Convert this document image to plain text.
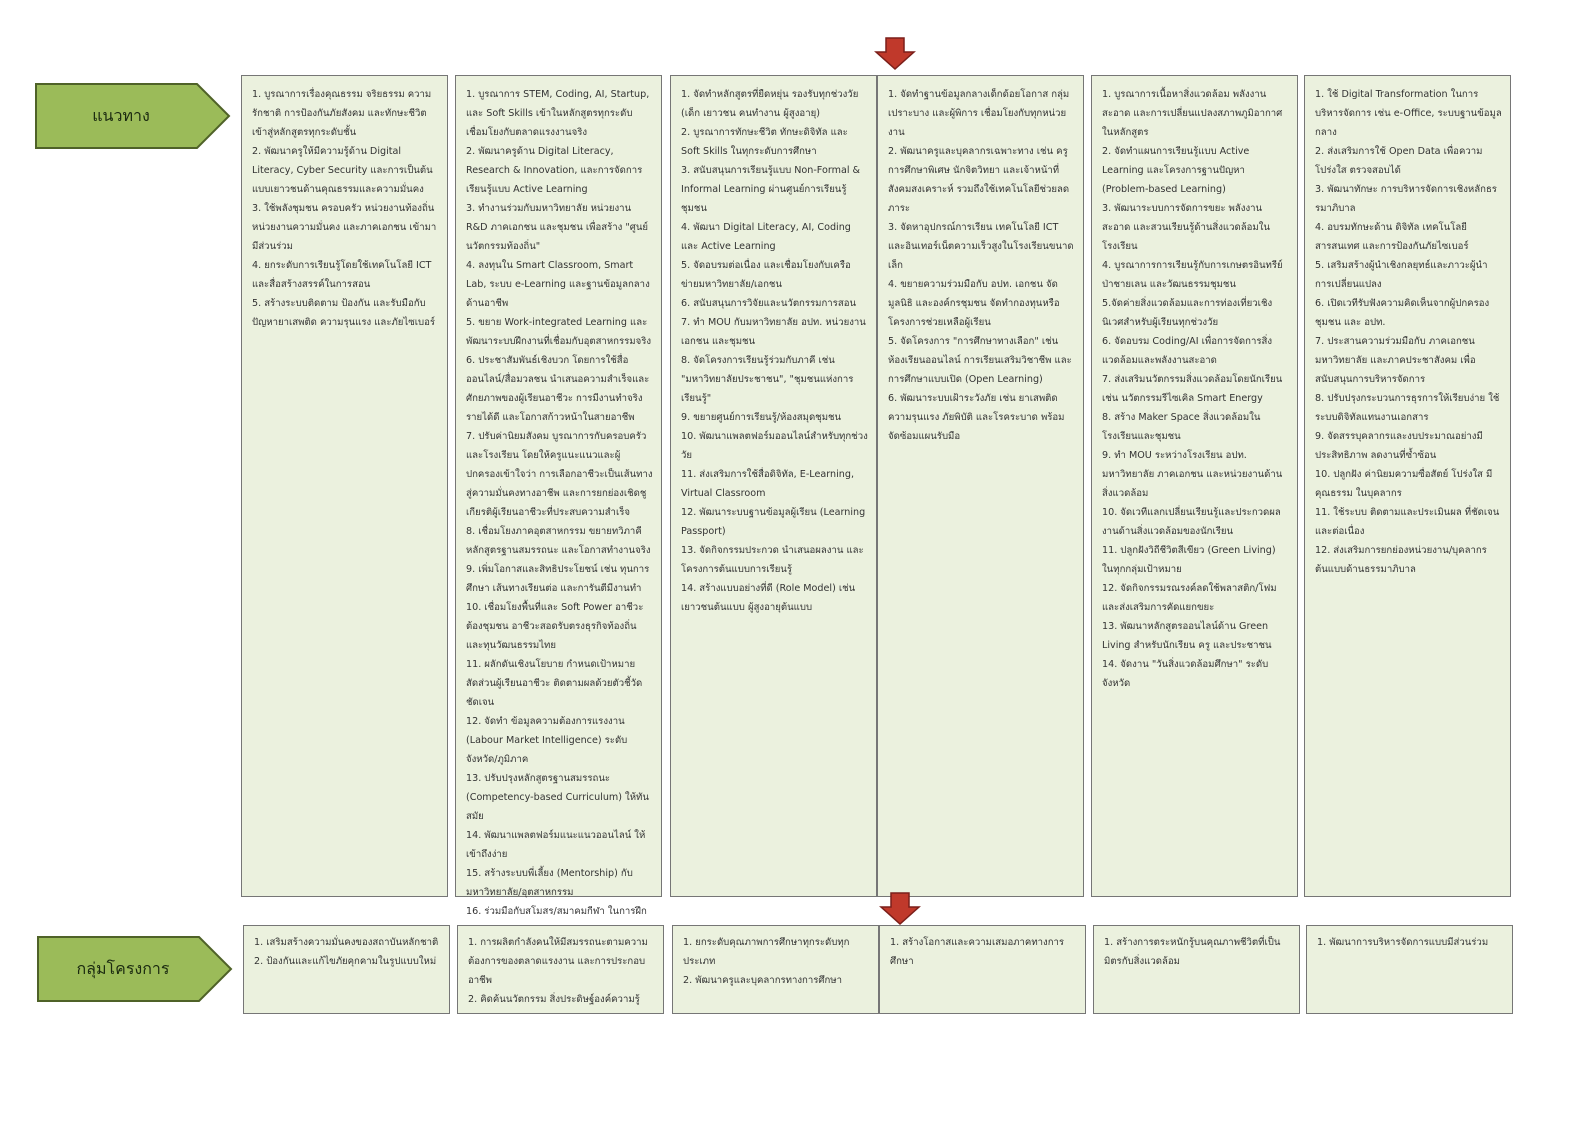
แนวทาง
กลุ่มโครงการ
1. บูรณาการเรื่องคุณธรรม จริยธรรม ความรักชาติ การป้องกันภัยสังคม และทักษะชีวิต เข้าสู่หลักสูตรทุกระดับชั้น
2. พัฒนาครูให้มีความรู้ด้าน Digital Literacy, Cyber Security และการเป็นต้นแบบเยาวชนด้านคุณธรรมและความมั่นคง
3. ใช้พลังชุมชน ครอบครัว หน่วยงานท้องถิ่น หน่วยงานความมั่นคง และภาคเอกชน เข้ามามีส่วนร่วม
4. ยกระดับการเรียนรู้โดยใช้เทคโนโลยี ICT และสื่อสร้างสรรค์ในการสอน
5. สร้างระบบติดตาม ป้องกัน และรับมือกับปัญหายาเสพติด ความรุนแรง และภัยไซเบอร์
1. บูรณาการ STEM, Coding, AI, Startup, และ Soft Skills เข้าในหลักสูตรทุกระดับ เชื่อมโยงกับตลาดแรงงานจริง
2. พัฒนาครูด้าน Digital Literacy, Research & Innovation, และการจัดการเรียนรู้แบบ Active Learning
3. ทำงานร่วมกับมหาวิทยาลัย หน่วยงาน R&D ภาคเอกชน และชุมชน เพื่อสร้าง "ศูนย์นวัตกรรมท้องถิ่น"
4. ลงทุนใน Smart Classroom, Smart Lab, ระบบ e-Learning และฐานข้อมูลกลางด้านอาชีพ
5. ขยาย Work-integrated Learning และพัฒนาระบบฝึกงานที่เชื่อมกับอุตสาหกรรมจริง
6. ประชาสัมพันธ์เชิงบวก โดยการใช้สื่อออนไลน์/สื่อมวลชน นำเสนอความสำเร็จและศักยภาพของผู้เรียนอาชีวะ การมีงานทำจริง รายได้ดี และโอกาสก้าวหน้าในสายอาชีพ
7. ปรับค่านิยมสังคม บูรณาการกับครอบครัวและโรงเรียน โดยให้ครูแนะแนวและผู้ปกครองเข้าใจว่า การเลือกอาชีวะเป็นเส้นทางสู่ความมั่นคงทางอาชีพ และการยกย่องเชิดชูเกียรติผู้เรียนอาชีวะที่ประสบความสำเร็จ
8. เชื่อมโยงภาคอุตสาหกรรม ขยายทวิภาคี หลักสูตรฐานสมรรถนะ และโอกาสทำงานจริง
9. เพิ่มโอกาสและสิทธิประโยชน์ เช่น ทุนการศึกษา เส้นทางเรียนต่อ และการันตีมีงานทำ
10. เชื่อมโยงพื้นที่และ Soft Power อาชีวะต้องชุมชน อาชีวะสอดรับตรงธุรกิจท้องถิ่น และทุนวัฒนธรรมไทย
11. ผลักดันเชิงนโยบาย กำหนดเป้าหมายสัดส่วนผู้เรียนอาชีวะ ติดตามผลด้วยตัวชี้วัดชัดเจน
12. จัดทำ ข้อมูลความต้องการแรงงาน (Labour Market Intelligence) ระดับจังหวัด/ภูมิภาค
13. ปรับปรุงหลักสูตรฐานสมรรถนะ (Competency-based Curriculum) ให้ทันสมัย
14. พัฒนาแพลตฟอร์มแนะแนวออนไลน์ ให้เข้าถึงง่าย
15. สร้างระบบพี่เลี้ยง (Mentorship) กับมหาวิทยาลัย/อุตสาหกรรม
16. ร่วมมือกับสโมสร/สมาคมกีฬา ในการฝึก
1. จัดทำหลักสูตรที่ยืดหยุ่น รองรับทุกช่วงวัย (เด็ก เยาวชน คนทำงาน ผู้สูงอายุ)
2. บูรณาการทักษะชีวิต ทักษะดิจิทัล และ Soft Skills ในทุกระดับการศึกษา
3. สนับสนุนการเรียนรู้แบบ Non-Formal & Informal Learning ผ่านศูนย์การเรียนรู้ชุมชน
4. พัฒนา Digital Literacy, AI, Coding และ Active Learning
5. จัดอบรมต่อเนื่อง และเชื่อมโยงกับเครือข่ายมหาวิทยาลัย/เอกชน
6. สนับสนุนการวิจัยและนวัตกรรมการสอน
7. ทำ MOU กับมหาวิทยาลัย อปท. หน่วยงานเอกชน และชุมชน
8. จัดโครงการเรียนรู้ร่วมกับภาคี เช่น "มหาวิทยาลัยประชาชน", "ชุมชนแห่งการเรียนรู้"
9. ขยายศูนย์การเรียนรู้/ห้องสมุดชุมชน
10. พัฒนาแพลตฟอร์มออนไลน์สำหรับทุกช่วงวัย
11. ส่งเสริมการใช้สื่อดิจิทัล, E-Learning, Virtual Classroom
12. พัฒนาระบบฐานข้อมูลผู้เรียน (Learning Passport)
13. จัดกิจกรรมประกวด นำเสนอผลงาน และโครงการต้นแบบการเรียนรู้
14. สร้างแบบอย่างที่ดี (Role Model) เช่น เยาวชนต้นแบบ ผู้สูงอายุต้นแบบ
1. จัดทำฐานข้อมูลกลางเด็กด้อยโอกาส กลุ่มเปราะบาง และผู้พิการ เชื่อมโยงกับทุกหน่วยงาน
2. พัฒนาครูและบุคลากรเฉพาะทาง เช่น ครูการศึกษาพิเศษ นักจิตวิทยา และเจ้าหน้าที่สังคมสงเคราะห์ รวมถึงใช้เทคโนโลยีช่วยลดภาระ
3. จัดหาอุปกรณ์การเรียน เทคโนโลยี ICT และอินเทอร์เน็ตความเร็วสูงในโรงเรียนขนาดเล็ก
4. ขยายความร่วมมือกับ อปท. เอกชน จัดมูลนิธิ และองค์กรชุมชน จัดทำกองทุนหรือโครงการช่วยเหลือผู้เรียน
5. จัดโครงการ "การศึกษาทางเลือก" เช่น ห้องเรียนออนไลน์ การเรียนเสริมวิชาชีพ และการศึกษาแบบเปิด (Open Learning)
6. พัฒนาระบบเฝ้าระวังภัย เช่น ยาเสพติด ความรุนแรง ภัยพิบัติ และโรคระบาด พร้อมจัดซ้อมแผนรับมือ
1. บูรณาการเนื้อหาสิ่งแวดล้อม พลังงานสะอาด และการเปลี่ยนแปลงสภาพภูมิอากาศในหลักสูตร
2. จัดทำแผนการเรียนรู้แบบ Active Learning และโครงการฐานปัญหา (Problem-based Learning)
3. พัฒนาระบบการจัดการขยะ พลังงานสะอาด และสวนเรียนรู้ด้านสิ่งแวดล้อมในโรงเรียน
4. บูรณาการการเรียนรู้กับการเกษตรอินทรีย์ ป่าชายเลน และวัฒนธรรมชุมชน
5.จัดค่ายสิ่งแวดล้อมและการท่องเที่ยวเชิงนิเวศสำหรับผู้เรียนทุกช่วงวัย
6. จัดอบรม Coding/AI เพื่อการจัดการสิ่งแวดล้อมและพลังงานสะอาด
7. ส่งเสริมนวัตกรรมสิ่งแวดล้อมโดยนักเรียน เช่น นวัตกรรมรีไซเคิล Smart Energy
8. สร้าง Maker Space สิ่งแวดล้อมในโรงเรียนและชุมชน
9. ทำ MOU ระหว่างโรงเรียน อปท. มหาวิทยาลัย ภาคเอกชน และหน่วยงานด้านสิ่งแวดล้อม
10. จัดเวทีแลกเปลี่ยนเรียนรู้และประกวดผลงานด้านสิ่งแวดล้อมของนักเรียน
11. ปลูกฝังวิถีชีวิตสีเขียว (Green Living) ในทุกกลุ่มเป้าหมาย
12. จัดกิจกรรมรณรงค์ลดใช้พลาสติก/โฟม และส่งเสริมการคัดแยกขยะ
13. พัฒนาหลักสูตรออนไลน์ด้าน Green Living สำหรับนักเรียน ครู และประชาชน
14. จัดงาน "วันสิ่งแวดล้อมศึกษา" ระดับจังหวัด
1. ใช้ Digital Transformation ในการบริหารจัดการ เช่น e-Office, ระบบฐานข้อมูลกลาง
2. ส่งเสริมการใช้ Open Data เพื่อความโปร่งใส ตรวจสอบได้
3. พัฒนาทักษะ การบริหารจัดการเชิงหลักธรรมาภิบาล
4. อบรมทักษะด้าน ดิจิทัล เทคโนโลยีสารสนเทศ และการป้องกันภัยไซเบอร์
5. เสริมสร้างผู้นำเชิงกลยุทธ์และภาวะผู้นำการเปลี่ยนแปลง
6. เปิดเวทีรับฟังความคิดเห็นจากผู้ปกครอง ชุมชน และ อปท.
7. ประสานความร่วมมือกับ ภาคเอกชน มหาวิทยาลัย และภาคประชาสังคม เพื่อสนับสนุนการบริหารจัดการ
8. ปรับปรุงกระบวนการธุรการให้เรียบง่าย ใช้ระบบดิจิทัลแทนงานเอกสาร
9. จัดสรรบุคลากรและงบประมาณอย่างมีประสิทธิภาพ ลดงานที่ซ้ำซ้อน
10. ปลูกฝัง ค่านิยมความซื่อสัตย์ โปร่งใส มีคุณธรรม ในบุคลากร
11. ใช้ระบบ ติดตามและประเมินผล ที่ชัดเจนและต่อเนื่อง
12. ส่งเสริมการยกย่องหน่วยงาน/บุคลากรต้นแบบด้านธรรมาภิบาล
1. เสริมสร้างความมั่นคงของสถาบันหลักชาติ
2. ป้องกันและแก้ไขภัยคุกคามในรูปแบบใหม่
1. การผลิตกำลังคนให้มีสมรรถนะตามความต้องการของตลาดแรงงาน และการประกอบอาชีพ
2. คิดค้นนวัตกรรม สิ่งประดิษฐ์องค์ความรู้
1. ยกระดับคุณภาพการศึกษาทุกระดับทุกประเภท
2. พัฒนาครูและบุคลากรทางการศึกษา
1. สร้างโอกาสและความเสมอภาคทางการศึกษา
1. สร้างการตระหนักรู้บนคุณภาพชีวิตที่เป็นมิตรกับสิ่งแวดล้อม
1. พัฒนาการบริหารจัดการแบบมีส่วนร่วม
